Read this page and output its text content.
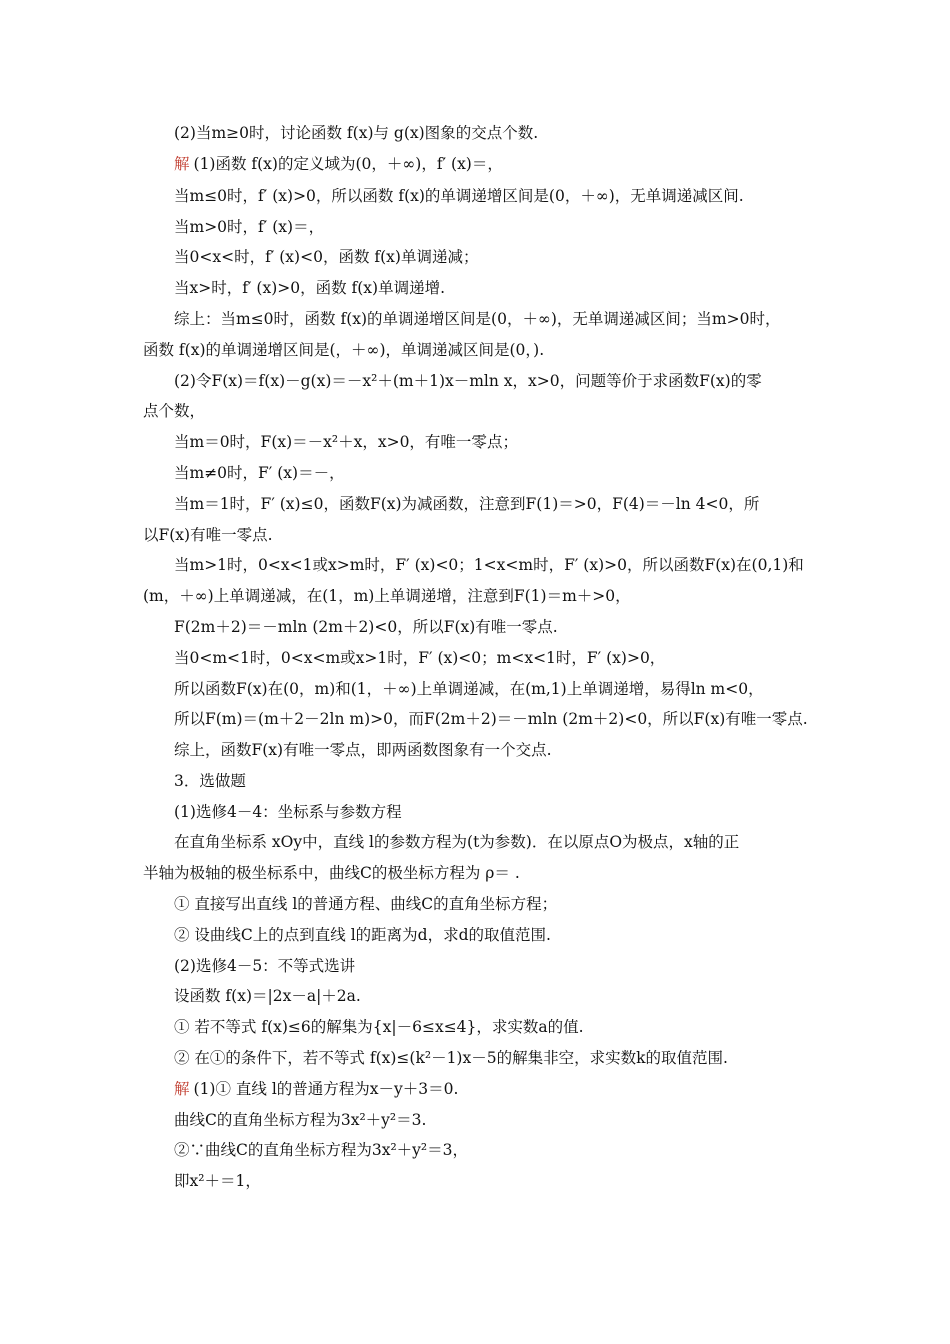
(2)当m≥0时，讨论函数 f(x)与 g(x)图象的交点个数.
解 (1)函数 f(x)的定义域为(0，＋∞)，f′ (x)＝，
当m≤0时，f′ (x)>0，所以函数 f(x)的单调递增区间是(0，＋∞)，无单调递减区间.
当m>0时，f′ (x)＝，
当0<x<时，f′ (x)<0，函数 f(x)单调递减；
当x>时，f′ (x)>0，函数 f(x)单调递增.
综上：当m≤0时，函数 f(x)的单调递增区间是(0，＋∞)，无单调递减区间；当m>0时，
函数 f(x)的单调递增区间是(，＋∞)，单调递减区间是(0，).
(2)令F(x)＝f(x)－g(x)＝－x²＋(m＋1)x－mln x，x>0，问题等价于求函数F(x)的零
点个数，
当m＝0时，F(x)＝－x²＋x，x>0，有唯一零点；
当m≠0时，F′ (x)＝－，
当m＝1时，F′ (x)≤0，函数F(x)为减函数，注意到F(1)＝>0，F(4)＝－ln 4<0，所
以F(x)有唯一零点.
当m>1时，0<x<1或x>m时，F′ (x)<0；1<x<m时，F′ (x)>0，所以函数F(x)在(0,1)和
(m，＋∞)上单调递减，在(1，m)上单调递增，注意到F(1)＝m＋>0，
F(2m＋2)＝－mln (2m＋2)<0，所以F(x)有唯一零点.
当0<m<1时，0<x<m或x>1时，F′ (x)<0；m<x<1时，F′ (x)>0，
所以函数F(x)在(0，m)和(1，＋∞)上单调递减，在(m,1)上单调递增，易得ln m<0，
所以F(m)＝(m＋2－2ln m)>0，而F(2m＋2)＝－mln (2m＋2)<0，所以F(x)有唯一零点.
综上，函数F(x)有唯一零点，即两函数图象有一个交点.
3．选做题
(1)选修4－4：坐标系与参数方程
在直角坐标系 xOy中，直线 l的参数方程为(t为参数)．在以原点O为极点，x轴的正
半轴为极轴的极坐标系中，曲线C的极坐标方程为 ρ＝ .
① 直接写出直线 l的普通方程、曲线C的直角坐标方程；
② 设曲线C上的点到直线 l的距离为d，求d的取值范围.
(2)选修4－5：不等式选讲
设函数 f(x)＝|2x－a|＋2a.
① 若不等式 f(x)≤6的解集为{x|－6≤x≤4}，求实数a的值.
② 在①的条件下，若不等式 f(x)≤(k²－1)x－5的解集非空，求实数k的取值范围.
解 (1)① 直线 l的普通方程为x－y＋3＝0.
曲线C的直角坐标方程为3x²＋y²＝3.
②∵曲线C的直角坐标方程为3x²＋y²＝3，
即x²＋＝1，
